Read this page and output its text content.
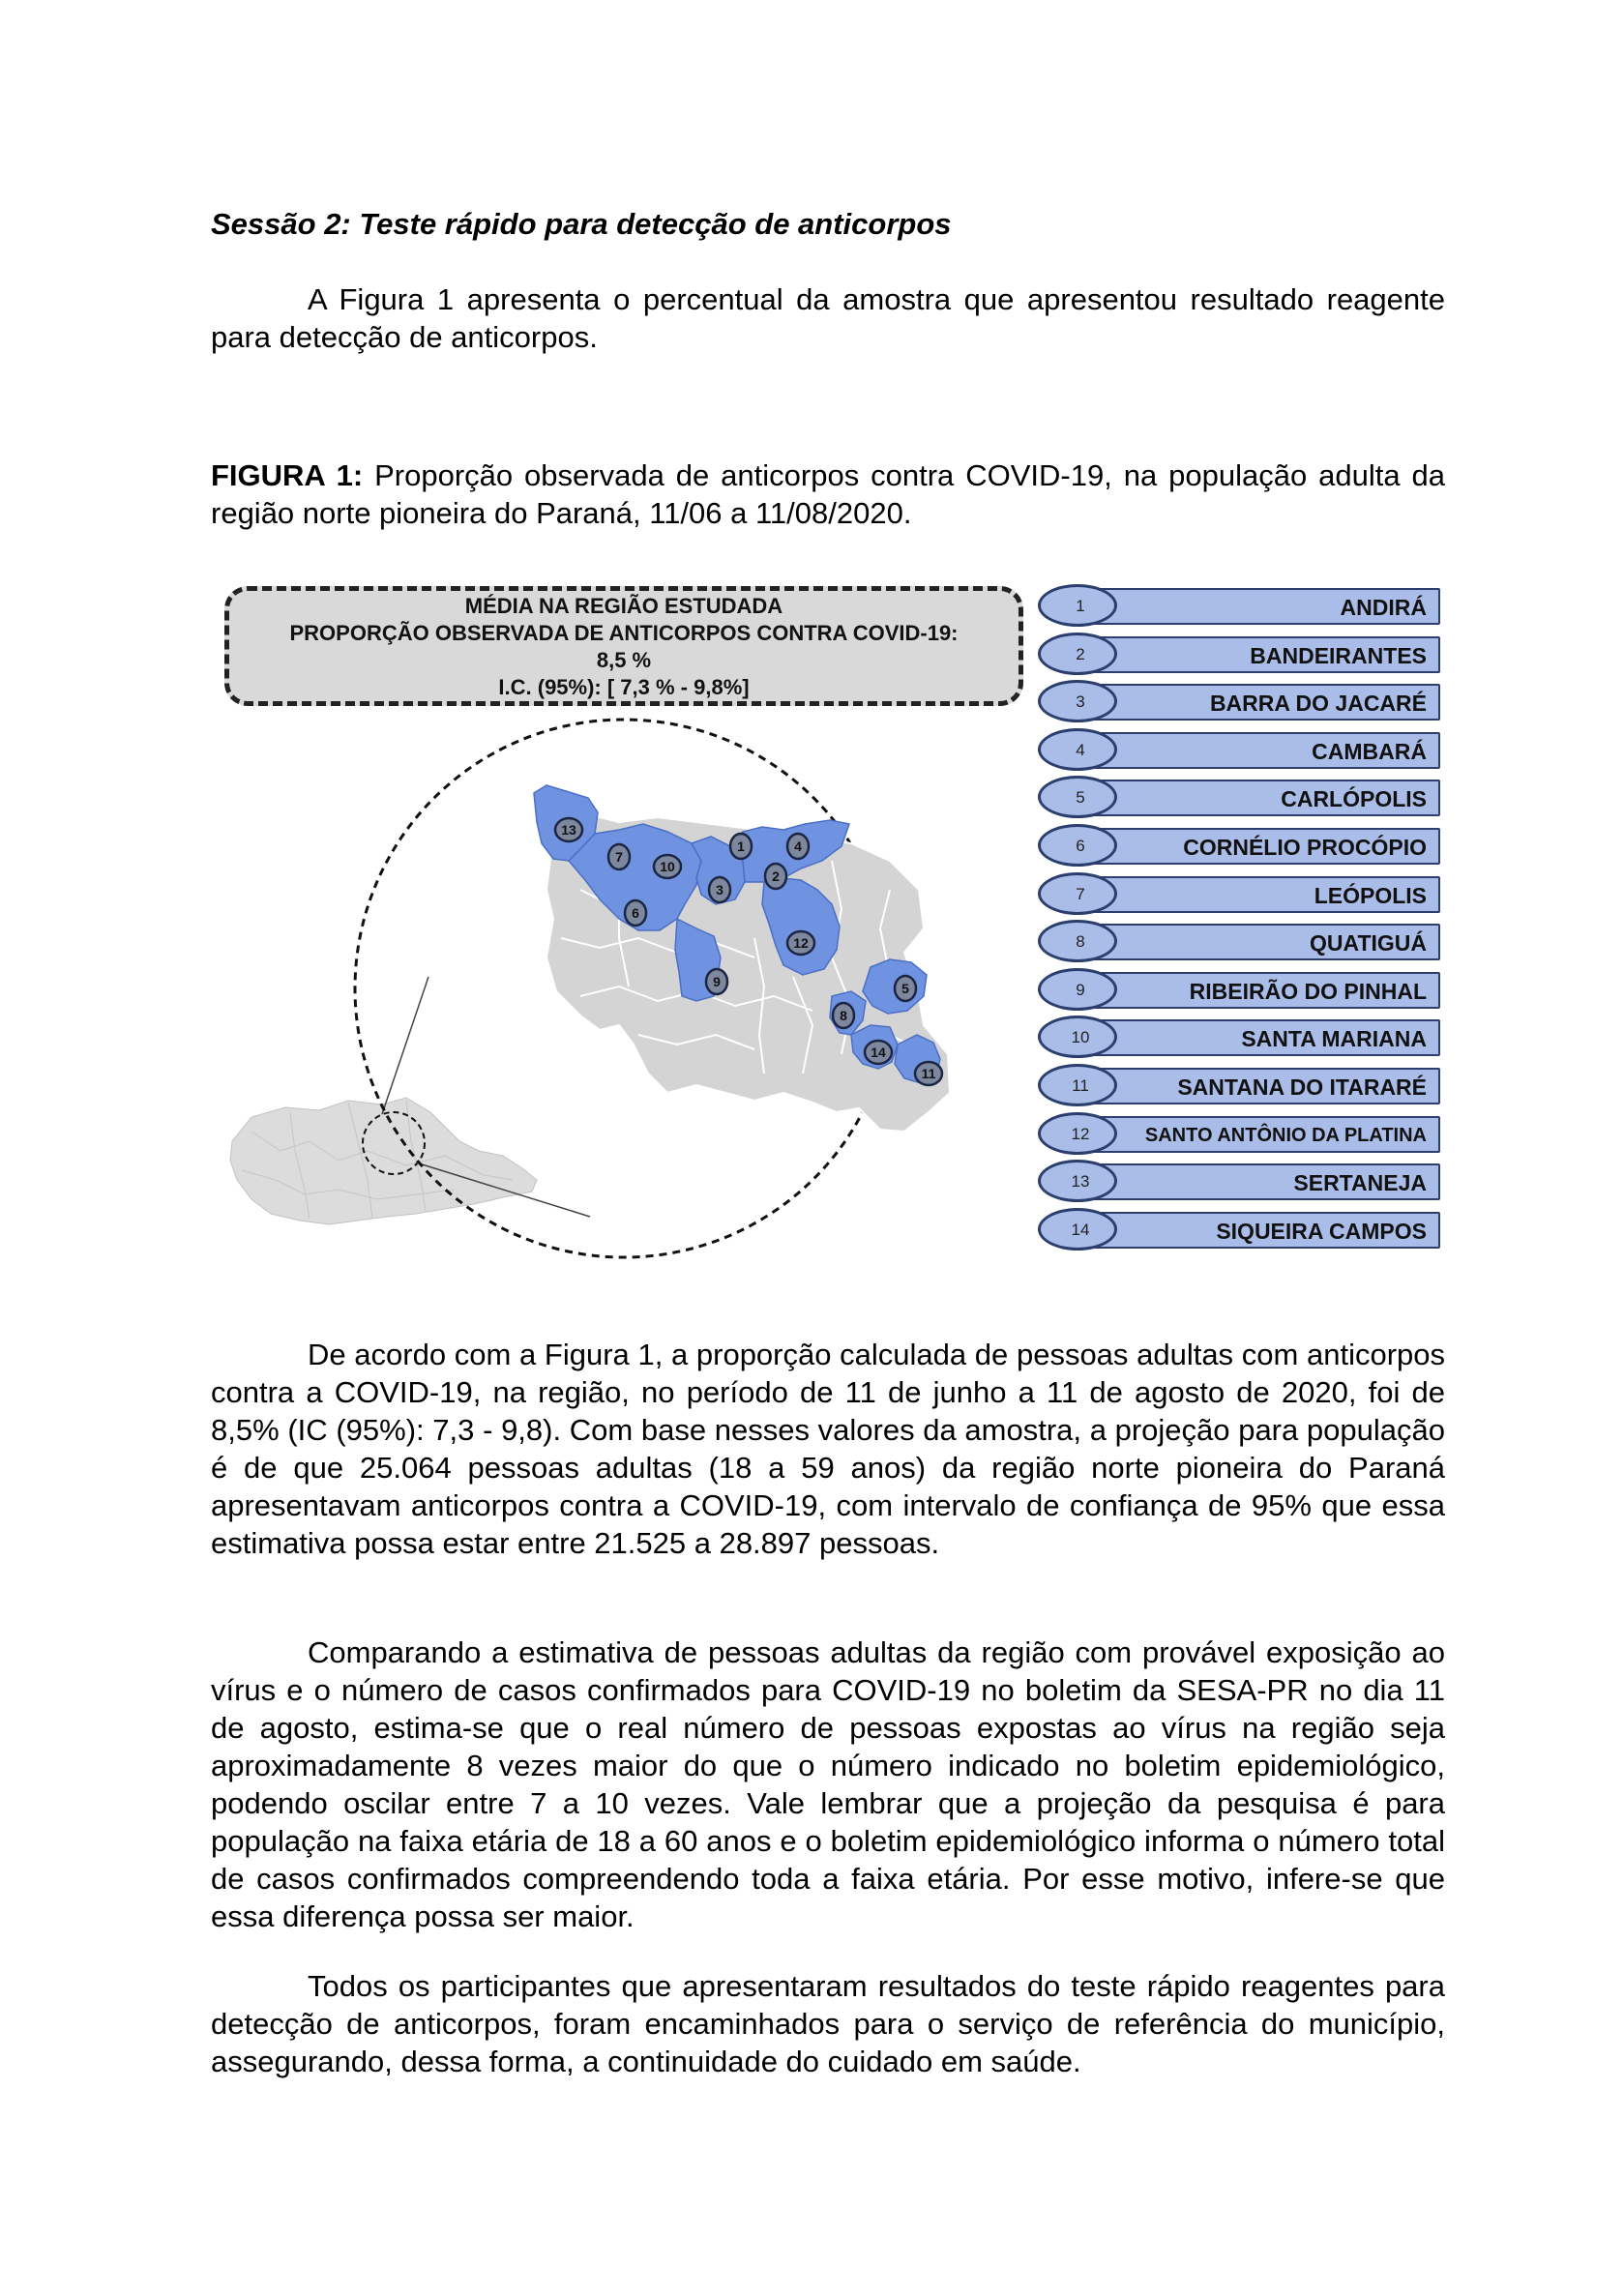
Sessão 2: Teste rápido para detecção de anticorpos
A Figura 1 apresenta o percentual da amostra que apresentou resultado reagente para detecção de anticorpos.
FIGURA 1: Proporção observada de anticorpos contra COVID-19, na população adulta da região norte pioneira do Paraná, 11/06 a 11/08/2020.
13
7
10
6
3
1
2
4
12
9	5
8
14
11
MÉDIA NA REGIÃO ESTUDADA
PROPORÇÃO OBSERVADA DE ANTICORPOS CONTRA COVID-19:
8,5 %
I.C. (95%): [ 7,3 % - 9,8%]
ANDIRÁ
1
BANDEIRANTES
2
BARRA DO JACARÉ
3
CAMBARÁ
4
CARLÓPOLIS
5
CORNÉLIO PROCÓPIO
6
LEÓPOLIS
7
QUATIGUÁ
8
RIBEIRÃO DO PINHAL
9
SANTA MARIANA
10
SANTANA DO ITARARÉ
11
SANTO ANTÔNIO DA PLATINA
12
SERTANEJA
13
SIQUEIRA CAMPOS
14
De acordo com a Figura 1, a proporção calculada de pessoas adultas com anticorpos contra a COVID-19, na região, no período de 11 de junho a 11 de agosto de 2020, foi de 8,5% (IC (95%): 7,3 - 9,8). Com base nesses valores da amostra, a projeção para população é de que 25.064 pessoas adultas (18 a 59 anos) da região norte pioneira do Paraná apresentavam anticorpos contra a COVID-19, com intervalo de confiança de 95% que essa estimativa possa estar entre 21.525 a 28.897 pessoas.
Comparando a estimativa de pessoas adultas da região com provável exposição ao vírus e o número de casos confirmados para COVID-19 no boletim da SESA-PR no dia 11 de agosto, estima-se que o real número de pessoas expostas ao vírus na região seja aproximadamente 8 vezes maior do que o número indicado no boletim epidemiológico, podendo oscilar entre 7 a 10 vezes. Vale lembrar que a projeção da pesquisa é para população na faixa etária de 18 a 60 anos e o boletim epidemiológico informa o número total de casos confirmados compreendendo toda a faixa etária. Por esse motivo, infere-se que essa diferença possa ser maior.
Todos os participantes que apresentaram resultados do teste rápido reagentes para detecção de anticorpos, foram encaminhados para o serviço de referência do município, assegurando, dessa forma, a continuidade do cuidado em saúde.
